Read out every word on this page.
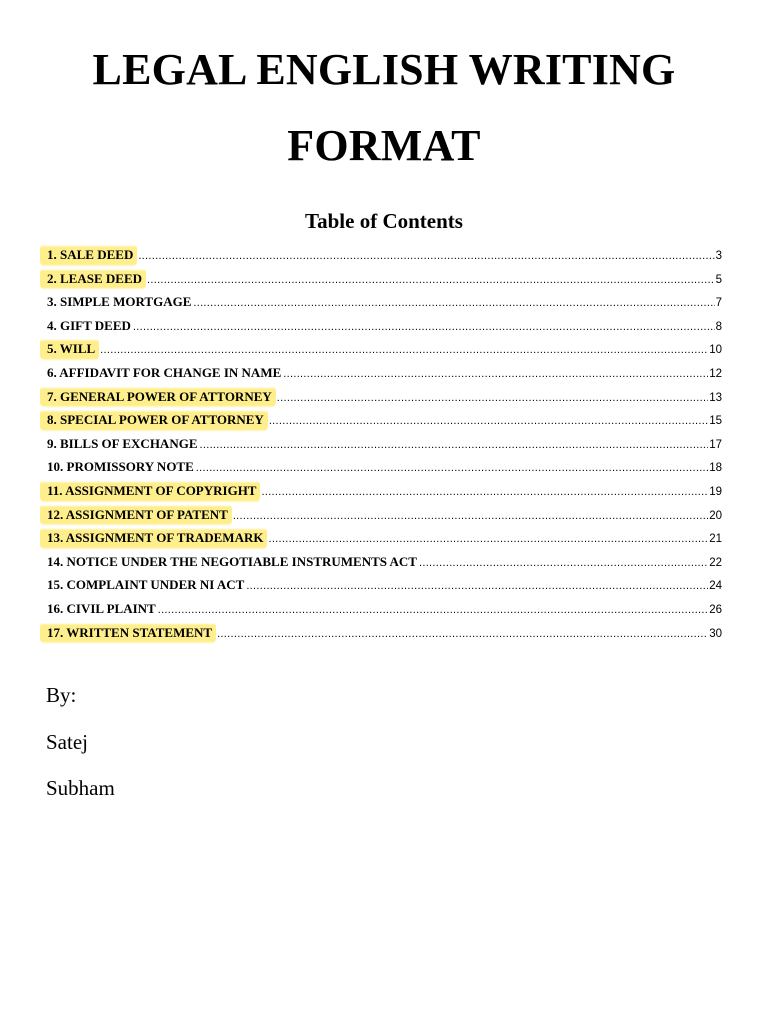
LEGAL ENGLISH WRITING
FORMAT
Table of Contents
1. SALE DEED .....	3
2. LEASE DEED .....	5
3. SIMPLE MORTGAGE .....	7
4. GIFT DEED .....	8
5. WILL .....	10
6. AFFIDAVIT FOR CHANGE IN NAME .....	12
7. GENERAL POWER OF ATTORNEY .....	13
8. SPECIAL POWER OF ATTORNEY .....	15
9. BILLS OF EXCHANGE .....	17
10. PROMISSORY NOTE .....	18
11. ASSIGNMENT OF COPYRIGHT .....	19
12. ASSIGNMENT OF PATENT .....	20
13. ASSIGNMENT OF TRADEMARK .....	21
14. NOTICE UNDER THE NEGOTIABLE INSTRUMENTS ACT .....	22
15. COMPLAINT UNDER NI ACT .....	24
16. CIVIL PLAINT .....	26
17. WRITTEN STATEMENT .....	30
By:
Satej
Subham
